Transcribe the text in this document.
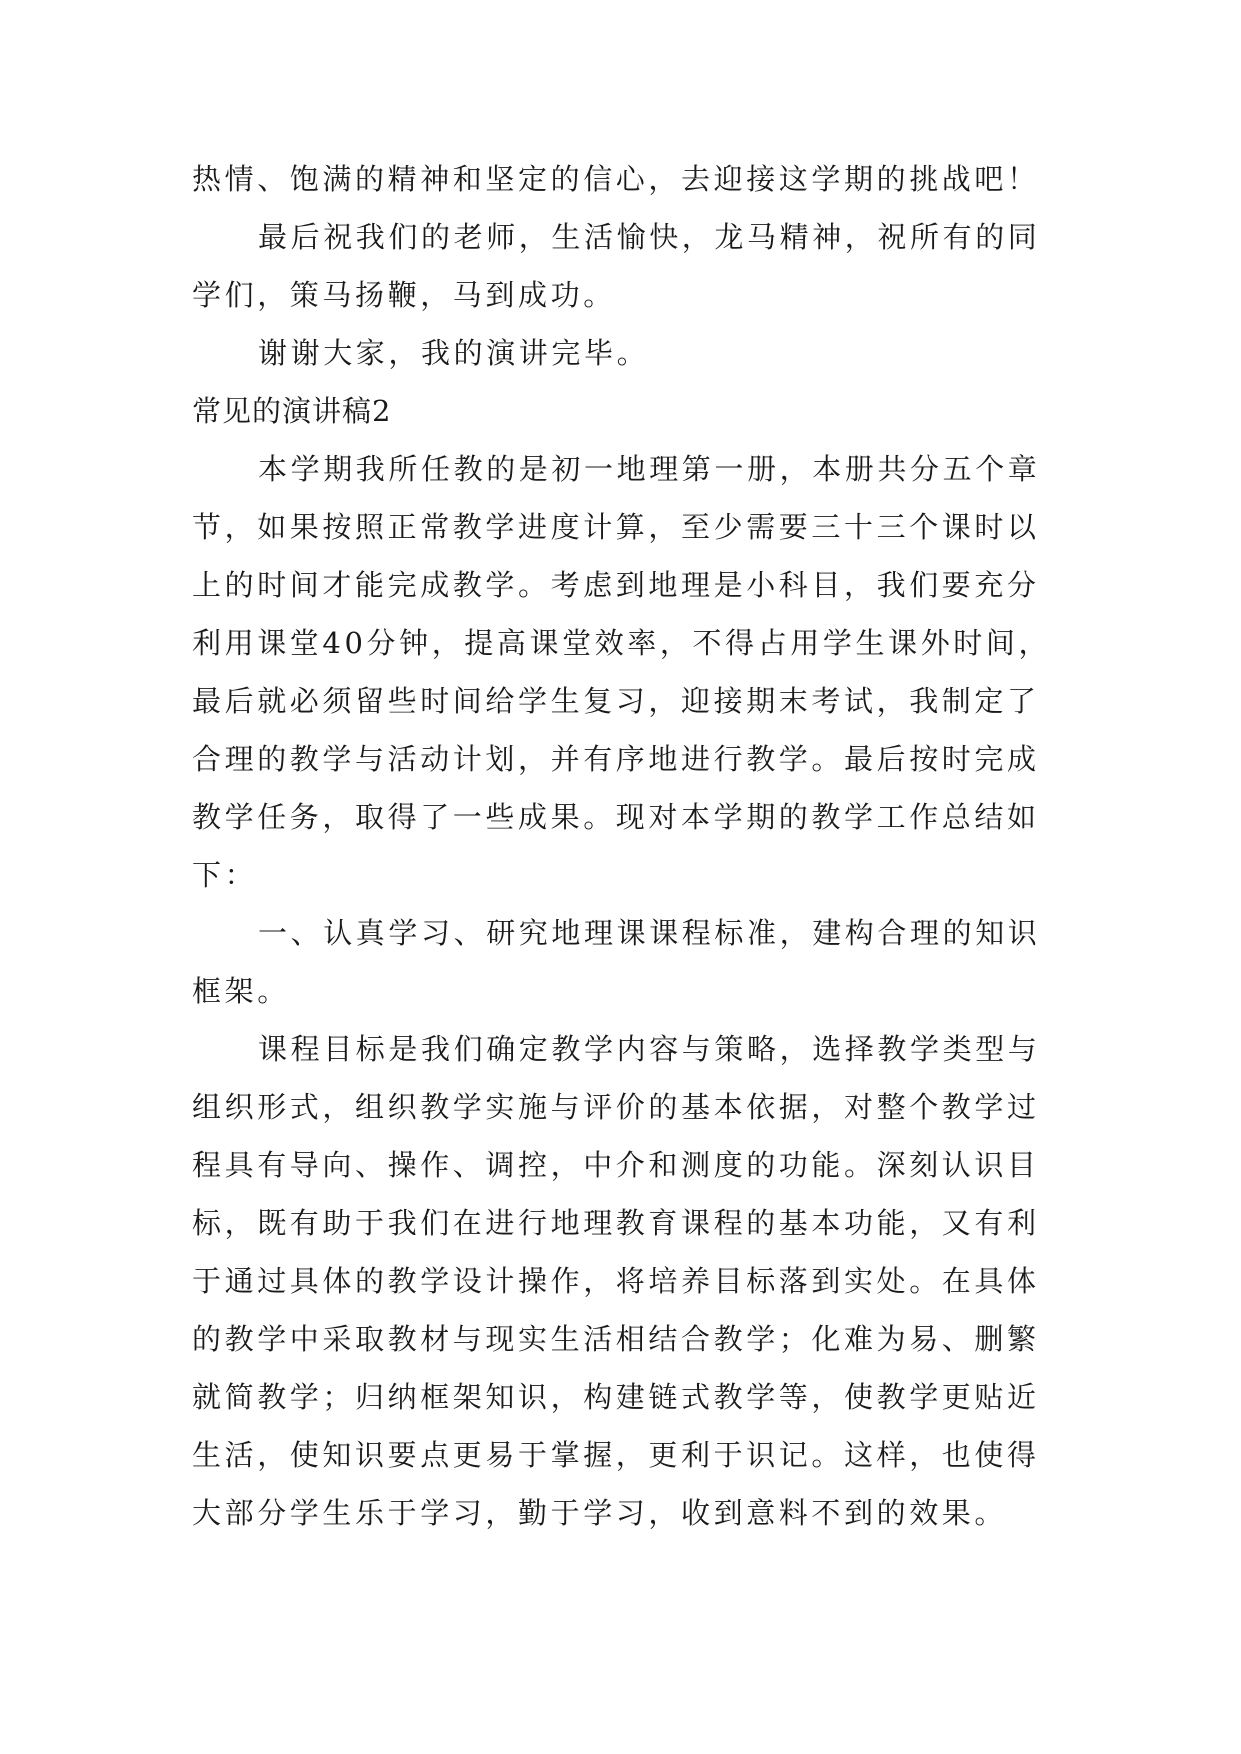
热情、饱满的精神和坚定的信心，去迎接这学期的挑战吧！
最后祝我们的老师，生活愉快，龙马精神，祝所有的同
学们，策马扬鞭，马到成功。
谢谢大家，我的演讲完毕。
常见的演讲稿2
本学期我所任教的是初一地理第一册，本册共分五个章
节，如果按照正常教学进度计算，至少需要三十三个课时以
上的时间才能完成教学。考虑到地理是小科目，我们要充分
利用课堂40分钟，提高课堂效率，不得占用学生课外时间，
最后就必须留些时间给学生复习，迎接期末考试，我制定了
合理的教学与活动计划，并有序地进行教学。最后按时完成
教学任务，取得了一些成果。现对本学期的教学工作总结如
下：
一、认真学习、研究地理课课程标准，建构合理的知识
框架。
课程目标是我们确定教学内容与策略，选择教学类型与
组织形式，组织教学实施与评价的基本依据，对整个教学过
程具有导向、操作、调控，中介和测度的功能。深刻认识目
标，既有助于我们在进行地理教育课程的基本功能，又有利
于通过具体的教学设计操作，将培养目标落到实处。在具体
的教学中采取教材与现实生活相结合教学；化难为易、删繁
就简教学；归纳框架知识，构建链式教学等，使教学更贴近
生活，使知识要点更易于掌握，更利于识记。这样，也使得
大部分学生乐于学习，勤于学习，收到意料不到的效果。
